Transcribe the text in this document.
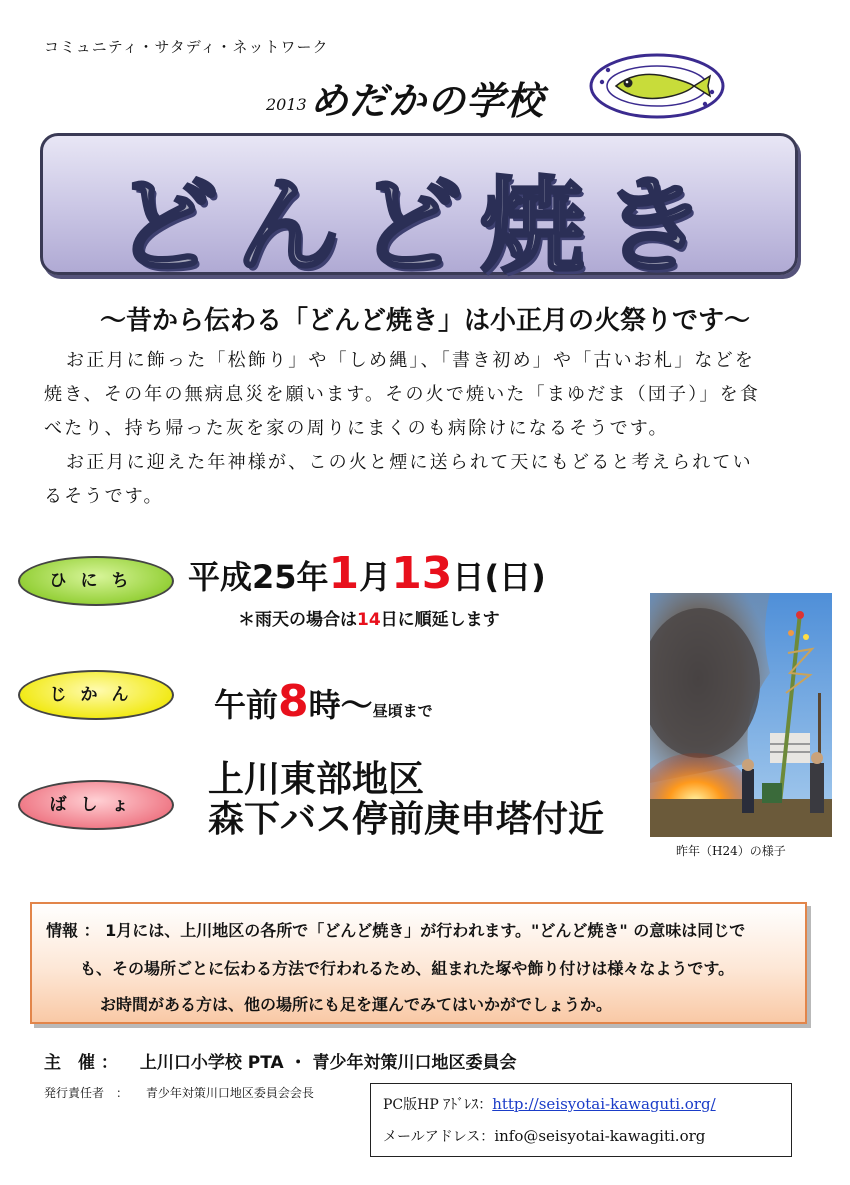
コミュニティ・サタディ・ネットワーク
2013 めだかの学校
どんど焼き
～昔から伝わる「どんど焼き」は小正月の火祭りです～
お正月に飾った「松飾り」や「しめ縄」、「書き初め」や「古いお札」などを
焼き、その年の無病息災を願います。その火で焼いた「まゆだま（団子）」を食
べたり、持ち帰った灰を家の周りにまくのも病除けになるそうです。
お正月に迎えた年神様が、この火と煙に送られて天にもどると考えられてい
るそうです。
ひにち	平成25年1月13日(日)
＊雨天の場合は14日に順延します
じかん	午前8時～昼頃まで
ばしょ
上川東部地区
森下バス停前庚申塔付近
昨年（H24）の様子
情報 ： 1月には、上川地区の各所で「どんど焼き」が行われます。"どんど焼き" の意味は同じで
も、その場所ごとに伝わる方法で行われるため、組まれた塚や飾り付けは様々なようです。
お時間がある方は、他の場所にも足を運んでみてはいかがでしょうか。
主　催 ： 上川口小学校 PTA ・ 青少年対策川口地区委員会
発行責任者　： 青少年対策川口地区委員会会長
PC版HP ｱﾄﾞﾚｽ：http://seisyotai-kawaguti.org/
メールアドレス：info@seisyotai-kawagiti.org
